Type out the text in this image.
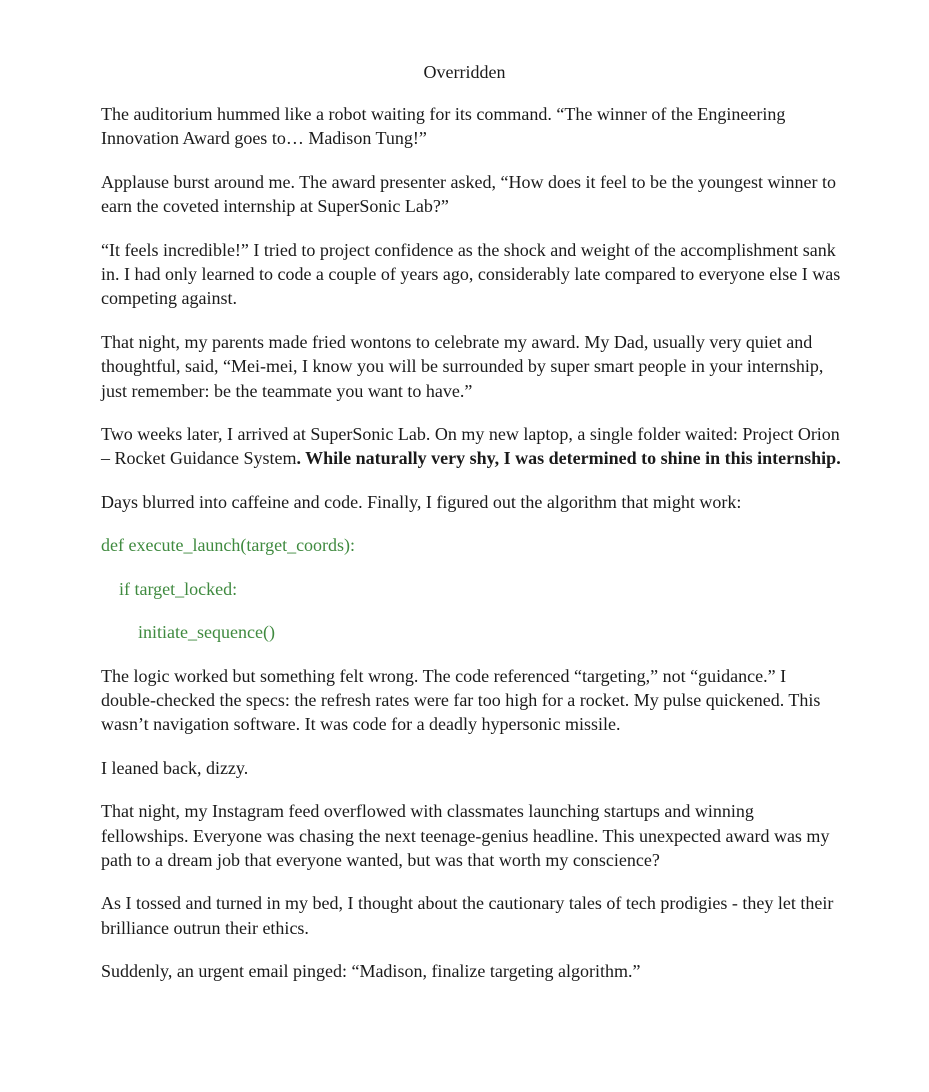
Overridden

The auditorium hummed like a robot waiting for its command. “The winner of the Engineering Innovation Award goes to… Madison Tung!”

Applause burst around me. The award presenter asked, “How does it feel to be the youngest winner to earn the coveted internship at SuperSonic Lab?”

“It feels incredible!” I tried to project confidence as the shock and weight of the accomplishment sank in. I had only learned to code a couple of years ago, considerably late compared to everyone else I was competing against.

That night, my parents made fried wontons to celebrate my award. My Dad, usually very quiet and thoughtful, said, “Mei-mei, I know you will be surrounded by super smart people in your internship, just remember: be the teammate you want to have.”

Two weeks later, I arrived at SuperSonic Lab. On my new laptop, a single folder waited: Project Orion – Rocket Guidance System. While naturally very shy, I was determined to shine in this internship.

Days blurred into caffeine and code. Finally, I figured out the algorithm that might work:

def execute_launch(target_coords):

if target_locked:

initiate_sequence()

The logic worked but something felt wrong. The code referenced “targeting,” not “guidance.” I double-checked the specs: the refresh rates were far too high for a rocket. My pulse quickened. This wasn’t navigation software. It was code for a deadly hypersonic missile.

I leaned back, dizzy.

That night, my Instagram feed overflowed with classmates launching startups and winning fellowships. Everyone was chasing the next teenage-genius headline. This unexpected award was my path to a dream job that everyone wanted, but was that worth my conscience?

As I tossed and turned in my bed, I thought about the cautionary tales of tech prodigies - they let their brilliance outrun their ethics.

Suddenly, an urgent email pinged: “Madison, finalize targeting algorithm.”
